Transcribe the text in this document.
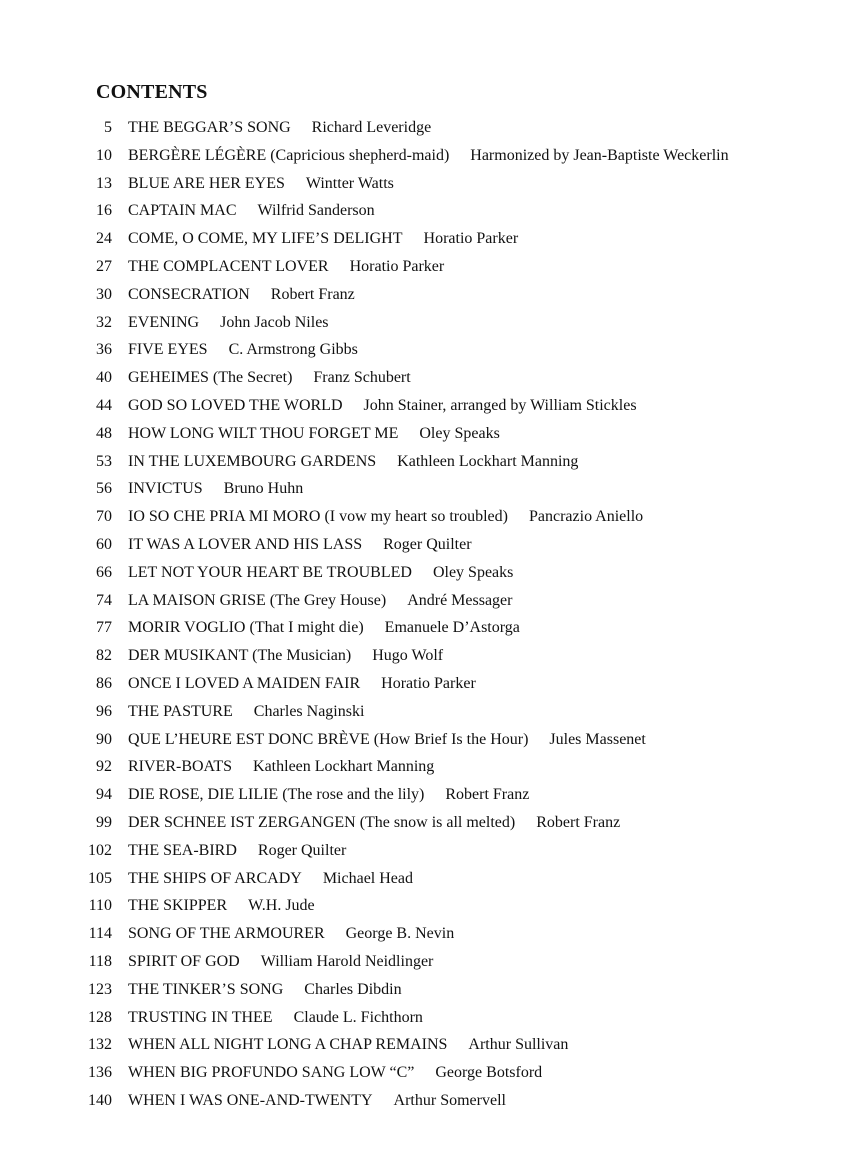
CONTENTS
5	THE BEGGAR’S SONG Richard Leveridge
10	BERGÈRE LÉGÈRE (Capricious shepherd-maid) Harmonized by Jean-Baptiste Weckerlin
13	BLUE ARE HER EYES Wintter Watts
16	CAPTAIN MAC Wilfrid Sanderson
24	COME, O COME, MY LIFE’S DELIGHT Horatio Parker
27	THE COMPLACENT LOVER Horatio Parker
30	CONSECRATION Robert Franz
32	EVENING John Jacob Niles
36	FIVE EYES C. Armstrong Gibbs
40	GEHEIMES (The Secret) Franz Schubert
44	GOD SO LOVED THE WORLD John Stainer, arranged by William Stickles
48	HOW LONG WILT THOU FORGET ME Oley Speaks
53	IN THE LUXEMBOURG GARDENS Kathleen Lockhart Manning
56	INVICTUS Bruno Huhn
70	IO SO CHE PRIA MI MORO (I vow my heart so troubled) Pancrazio Aniello
60	IT WAS A LOVER AND HIS LASS Roger Quilter
66	LET NOT YOUR HEART BE TROUBLED Oley Speaks
74	LA MAISON GRISE (The Grey House) André Messager
77	MORIR VOGLIO (That I might die) Emanuele D’Astorga
82	DER MUSIKANT (The Musician) Hugo Wolf
86	ONCE I LOVED A MAIDEN FAIR Horatio Parker
96	THE PASTURE Charles Naginski
90	QUE L’HEURE EST DONC BRÈVE (How Brief Is the Hour) Jules Massenet
92	RIVER-BOATS Kathleen Lockhart Manning
94	DIE ROSE, DIE LILIE (The rose and the lily) Robert Franz
99	DER SCHNEE IST ZERGANGEN (The snow is all melted) Robert Franz
102	THE SEA-BIRD Roger Quilter
105	THE SHIPS OF ARCADY Michael Head
110	THE SKIPPER W.H. Jude
114	SONG OF THE ARMOURER George B. Nevin
118	SPIRIT OF GOD William Harold Neidlinger
123	THE TINKER’S SONG Charles Dibdin
128	TRUSTING IN THEE Claude L. Fichthorn
132	WHEN ALL NIGHT LONG A CHAP REMAINS Arthur Sullivan
136	WHEN BIG PROFUNDO SANG LOW “C” George Botsford
140	WHEN I WAS ONE-AND-TWENTY Arthur Somervell
